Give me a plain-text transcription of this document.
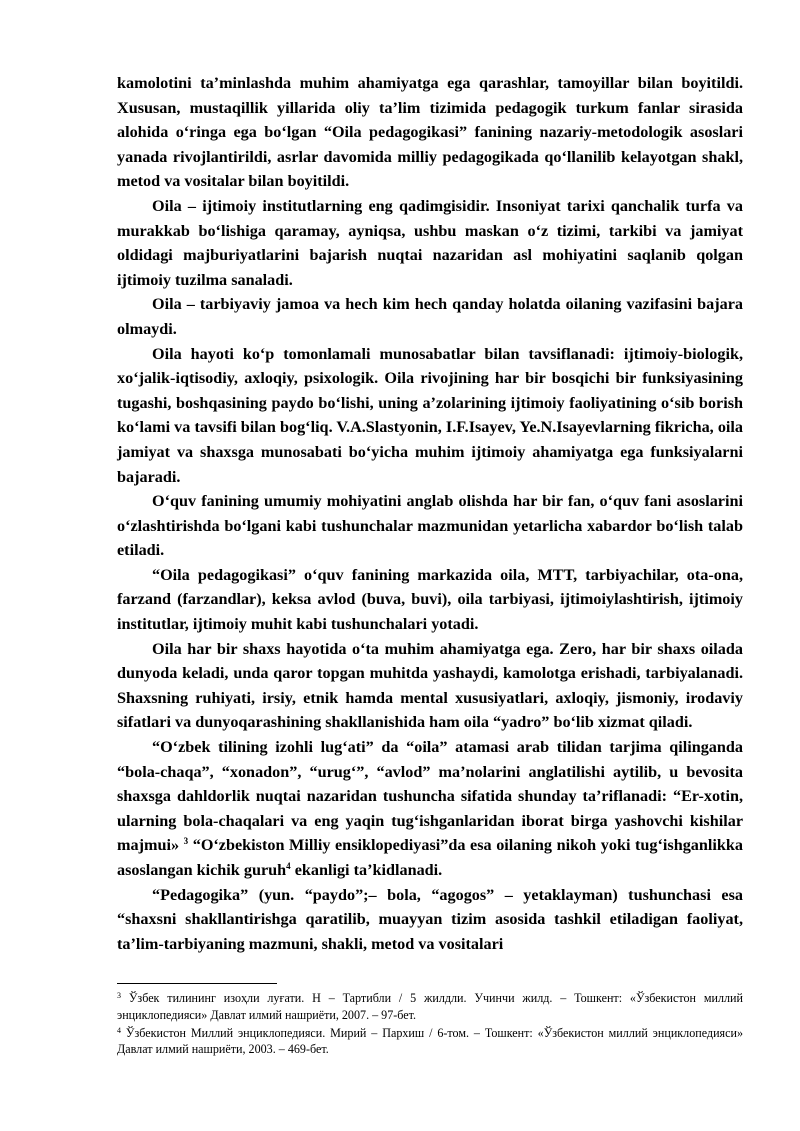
kamolotini ta’minlashda muhim ahamiyatga ega qarashlar, tamoyillar bilan boyitildi. Xususan, mustaqillik yillarida oliy ta’lim tizimida pedagogik turkum fanlar sirasida alohida oʻringa ega boʻlgan “Oila pedagogikasi” fanining nazariy-metodologik asoslari yanada rivojlantirildi, asrlar davomida milliy pedagogikada qoʻllanilib kelayotgan shakl, metod va vositalar bilan boyitildi.

Oila – ijtimoiy institutlarning eng qadimgisidir. Insoniyat tarixi qanchalik turfa va murakkab boʻlishiga qaramay, ayniqsa, ushbu maskan oʻz tizimi, tarkibi va jamiyat oldidagi majburiyatlarini bajarish nuqtai nazaridan asl mohiyatini saqlanib qolgan ijtimoiy tuzilma sanaladi.

Oila – tarbiyaviy jamoa va hech kim hech qanday holatda oilaning vazifasini bajara olmaydi.

Oila hayoti koʻp tomonlamali munosabatlar bilan tavsiflanadi: ijtimoiy-biologik, xoʻjalik-iqtisodiy, axloqiy, psixologik. Oila rivojining har bir bosqichi bir funksiyasining tugashi, boshqasining paydo boʻlishi, uning a’zolarining ijtimoiy faoliyatining oʻsib borish koʻlami va tavsifi bilan bogʻliq. V.A.Slastyonin, I.F.Isayev, Ye.N.Isayevlarning fikricha, oila jamiyat va shaxsga munosabati boʻyicha muhim ijtimoiy ahamiyatga ega funksiyalarni bajaradi.

Oʻquv fanining umumiy mohiyatini anglab olishda har bir fan, oʻquv fani asoslarini oʻzlashtirishda boʻlgani kabi tushunchalar mazmunidan yetarlicha xabardor boʻlish talab etiladi.

“Oila pedagogikasi” oʻquv fanining markazida oila, MTT, tarbiyachilar, ota-ona, farzand (farzandlar), keksa avlod (buva, buvi), oila tarbiyasi, ijtimoiylashtirish, ijtimoiy institutlar, ijtimoiy muhit kabi tushunchalari yotadi.

Oila har bir shaxs hayotida oʻta muhim ahamiyatga ega. Zero, har bir shaxs oilada dunyoda keladi, unda qaror topgan muhitda yashaydi, kamolotga erishadi, tarbiyalanadi. Shaxsning ruhiyati, irsiy, etnik hamda mental xususiyatlari, axloqiy, jismoniy, irodaviy sifatlari va dunyoqarashining shakllanishida ham oila “yadro” boʻlib xizmat qiladi.

“Oʻzbek tilining izohli lugʻati” da “oila” atamasi arab tilidan tarjima qilinganda “bola-chaqa”, “xonadon”, “urugʻ”, “avlod” ma’nolarini anglatilishi aytilib, u bevosita shaxsga dahldorlik nuqtai nazaridan tushuncha sifatida shunday ta’riflanadi: “Er-xotin, ularning bola-chaqalari va eng yaqin tugʻishganlaridan iborat birga yashovchi kishilar majmui» $^3$ “Oʻzbekiston Milliy ensiklopediyasi”da esa oilaning nikoh yoki tugʻishganlikka asoslangan kichik guruh$^4$ ekanligi ta’kidlanadi.

“Pedagogika” (yun. “paydo”;– bola, “agogos” – yetaklayman) tushunchasi esa “shaxsni shakllantirishga qaratilib, muayyan tizim asosida tashkil etiladigan faoliyat, ta’lim-tarbiyaning mazmuni, shakli, metod va vositalari

$^3$ Ўзбек тилининг изоҳли луғати. Н – Тартибли / 5 жилдли. Учинчи жилд. – Тошкент: «Ўзбекистон миллий энциклопедияси» Давлат илмий нашриёти, 2007. – 97-бет.

$^4$ Ўзбекистон Миллий энциклопедияси. Мирий – Пархиш / 6-том. – Тошкент: «Ўзбекистон миллий энциклопедияси» Давлат илмий нашриёти, 2003. – 469-бет.
